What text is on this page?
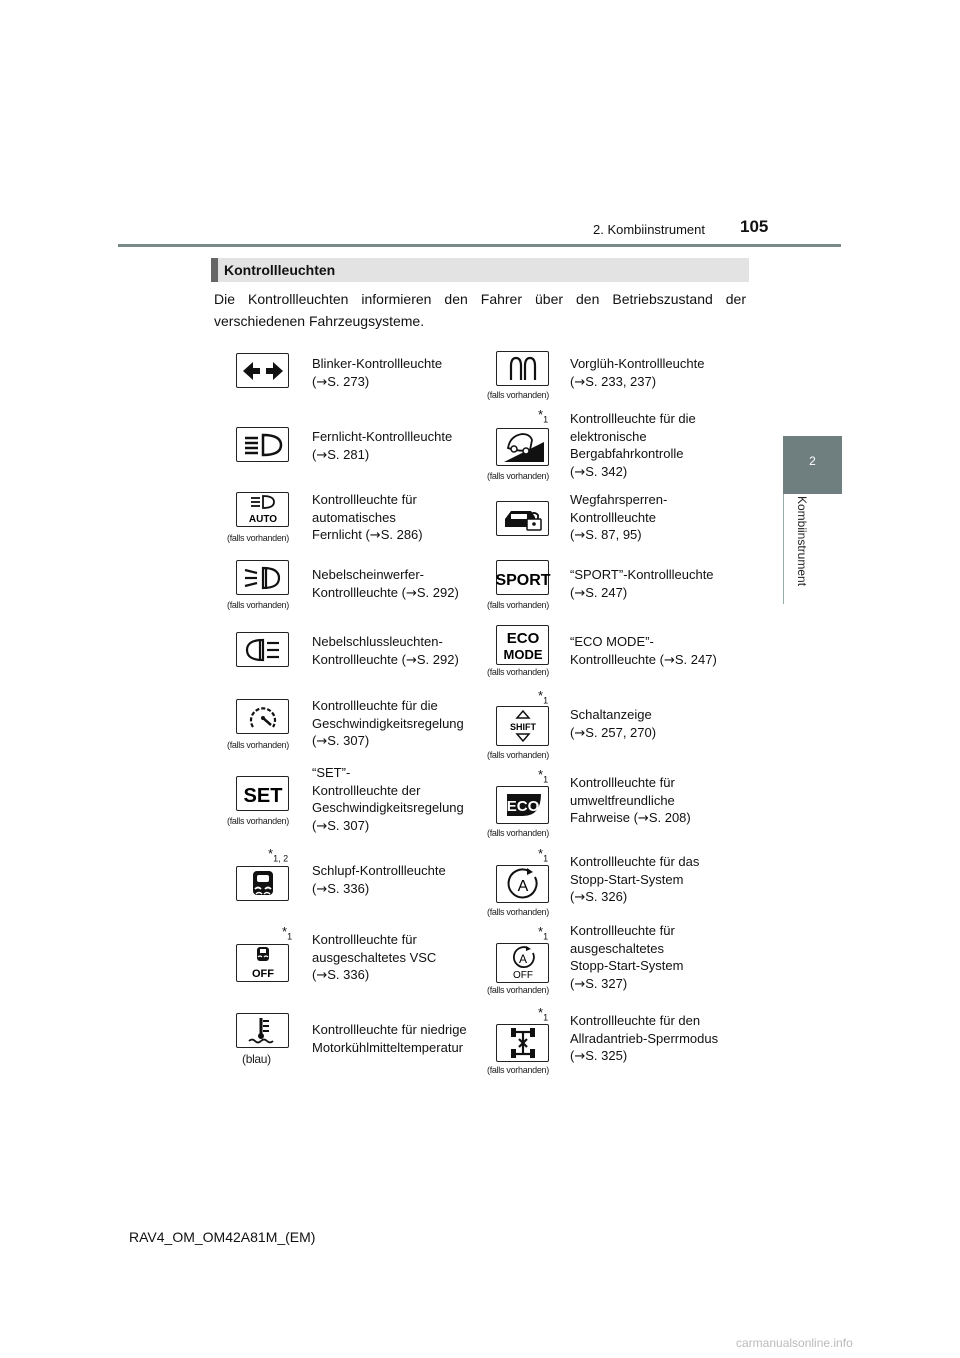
2. Kombiinstrument 105
2
Kombiinstrument
Kontrollleuchten
Die Kontrollleuchten informieren den Fahrer über den Betriebszustand der verschiedenen Fahrzeugsysteme.
Blinker-Kontrollleuchte
(→S. 273)
Fernlicht-Kontrollleuchte
(→S. 281)
AUTO
(falls vorhanden)
Kontrollleuchte für
automatisches
Fernlicht (→S. 286)
(falls vorhanden)
Nebelscheinwerfer-
Kontrollleuchte (→S. 292)
Nebelschlussleuchten-
Kontrollleuchte (→S. 292)
(falls vorhanden)
Kontrollleuchte für die
Geschwindigkeitsregelung
(→S. 307)
SET
(falls vorhanden)
“SET”-
Kontrollleuchte der
Geschwindigkeitsregelung
(→S. 307)
$*_{1, 2}$
Schlupf-Kontrollleuchte
(→S. 336)
$*_1$
OFF
Kontrollleuchte für
ausgeschaltetes VSC
(→S. 336)
(blau)
Kontrollleuchte für niedrige
Motorkühlmitteltemperatur
(falls vorhanden)
Vorglüh-Kontrollleuchte
(→S. 233, 237)
$*_1$
(falls vorhanden)
Kontrollleuchte für die
elektronische
Bergabfahrkontrolle
(→S. 342)
Wegfahrsperren-
Kontrollleuchte
(→S. 87, 95)
SPORT
(falls vorhanden)
“SPORT”-Kontrollleuchte
(→S. 247)
ECO
MODE
(falls vorhanden)
“ECO MODE”-
Kontrollleuchte (→S. 247)
$*_1$
SHIFT
(falls vorhanden)
Schaltanzeige
(→S. 257, 270)
$*_1$
ECO
(falls vorhanden)
Kontrollleuchte für
umweltfreundliche
Fahrweise (→S. 208)
$*_1$
A
(falls vorhanden)
Kontrollleuchte für das
Stopp-Start-System
(→S. 326)
$*_1$
A
OFF
(falls vorhanden)
Kontrollleuchte für
ausgeschaltetes
Stopp-Start-System
(→S. 327)
$*_1$
(falls vorhanden)
Kontrollleuchte für den
Allradantrieb-Sperrmodus
(→S. 325)
RAV4_OM_OM42A81M_(EM)
carmanualsonline.info
